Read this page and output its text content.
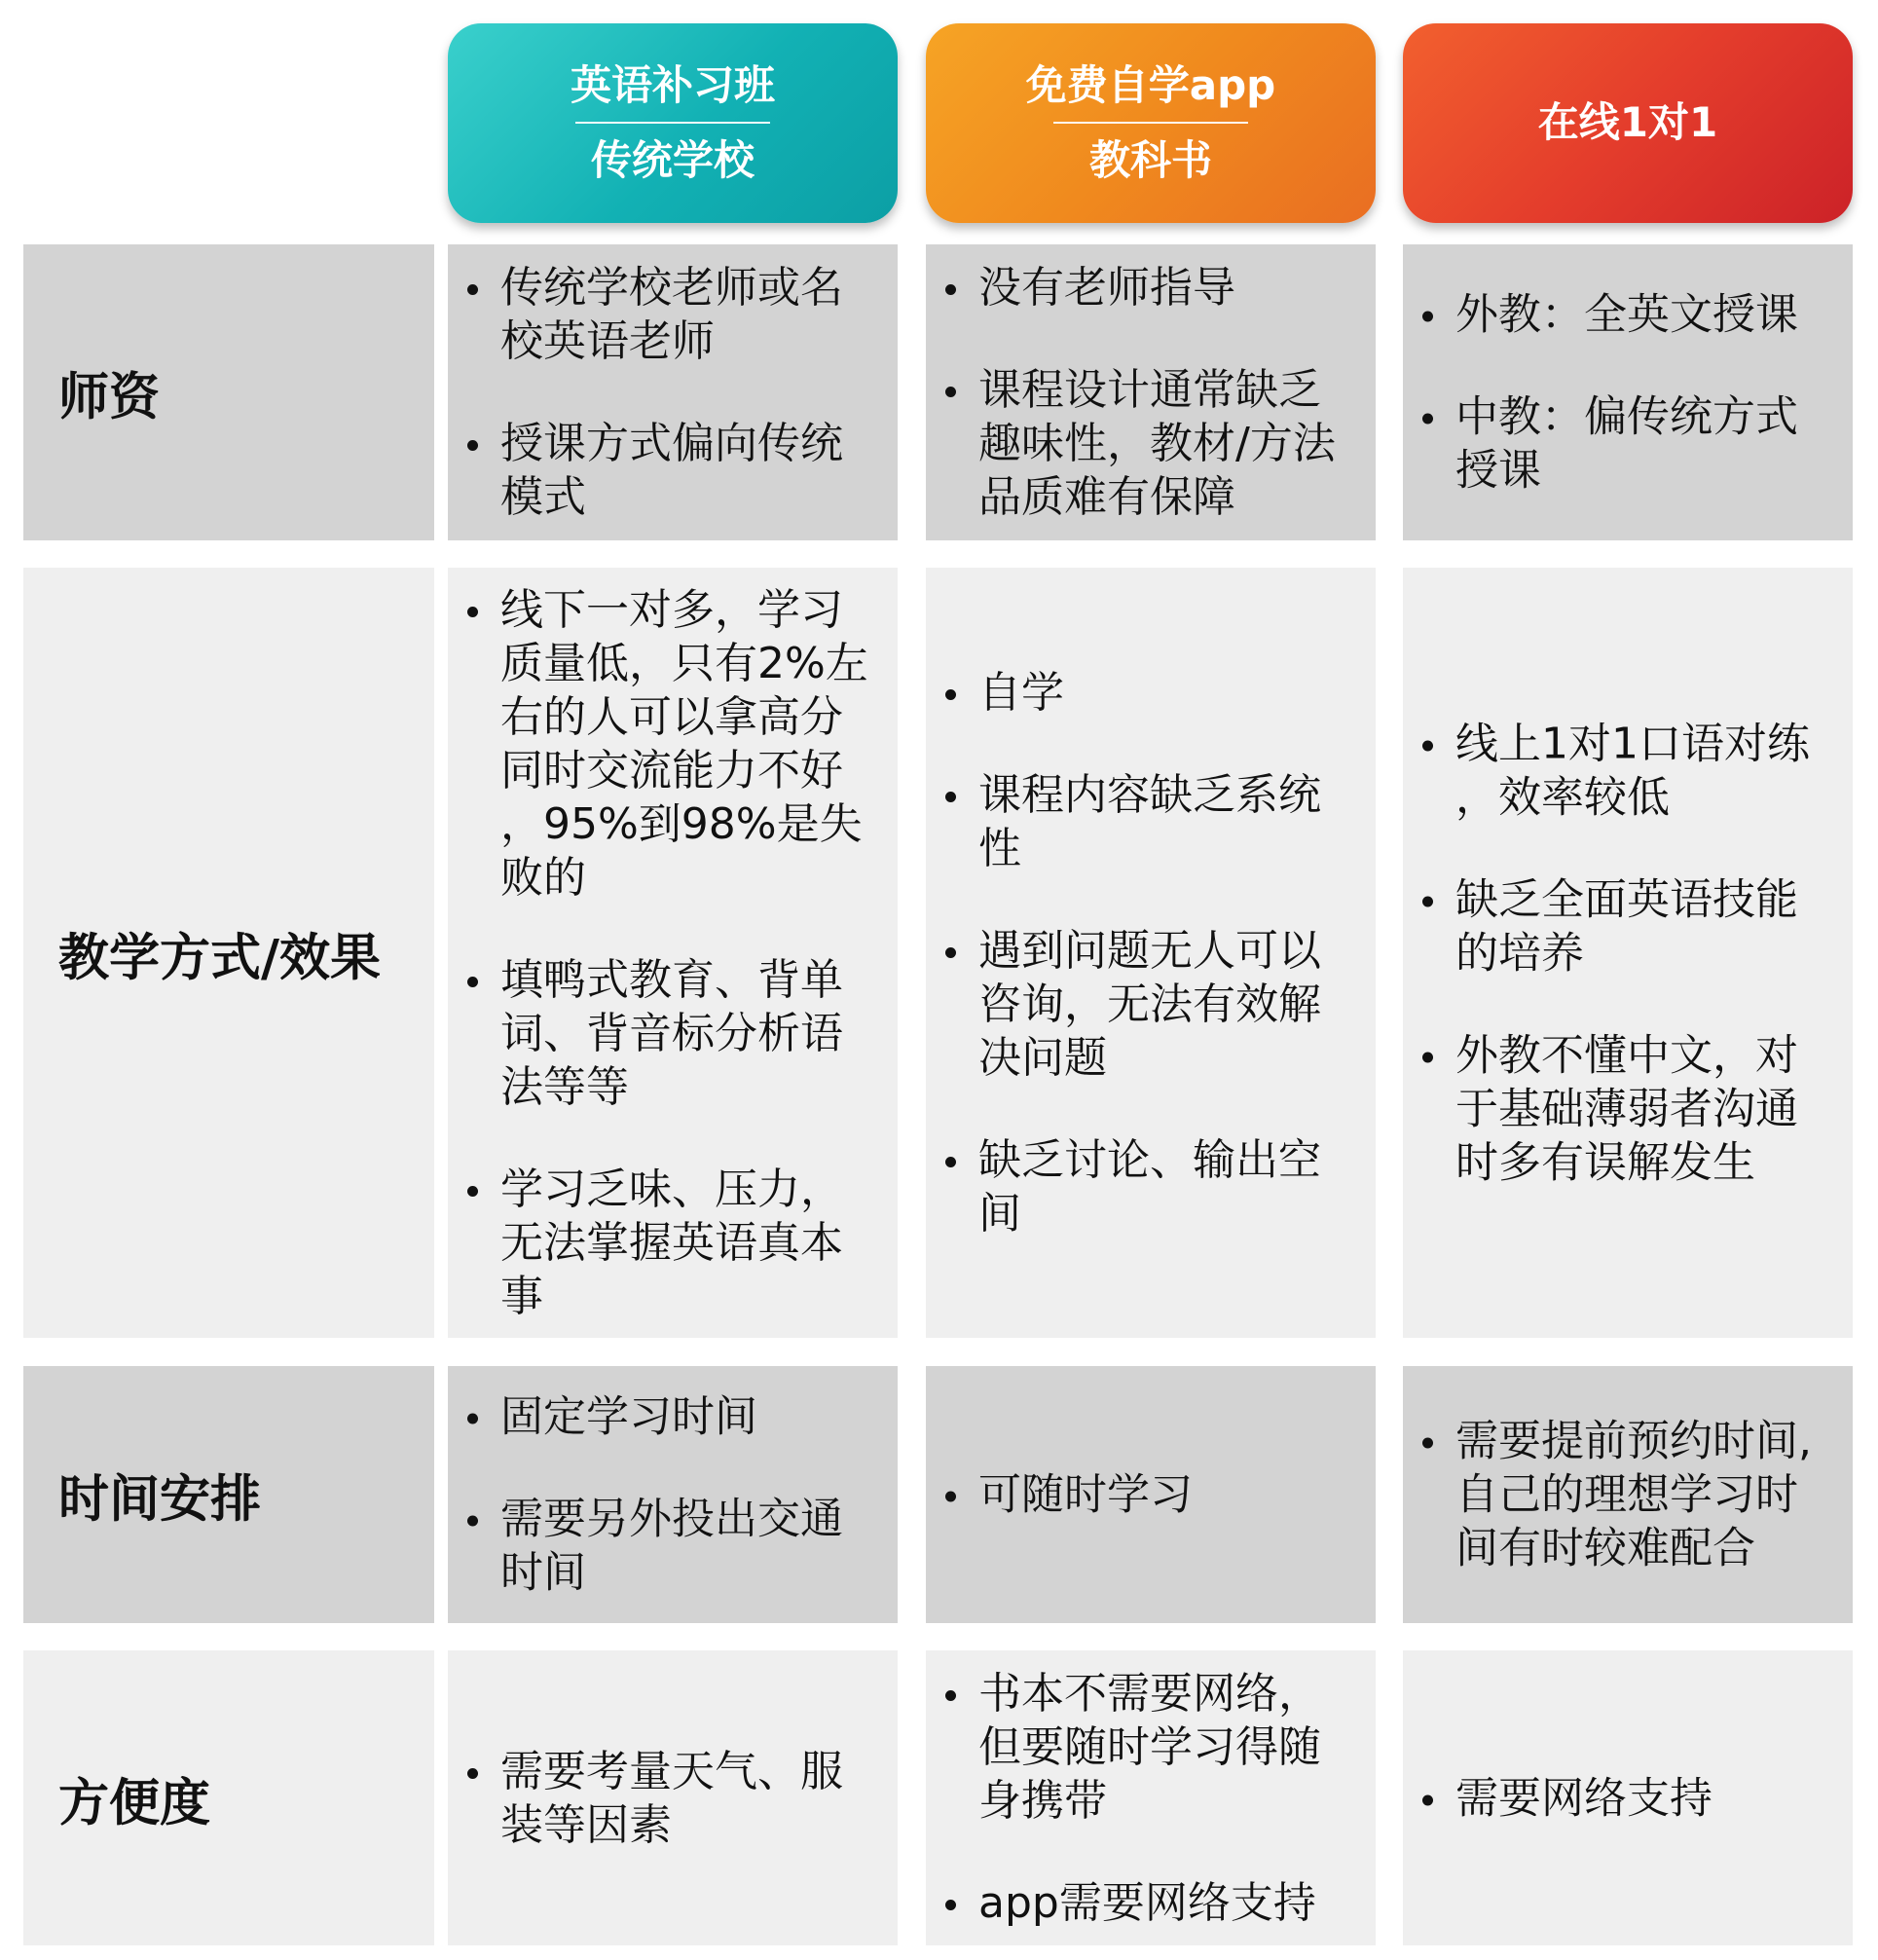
英语补习班
传统学校
免费自学app
教科书
在线1对1
师资
传统学校老师或名
校英语老师
授课方式偏向传统
模式
没有老师指导
课程设计通常缺乏
趣味性，教材/方法
品质难有保障
外教：全英文授课
中教：偏传统方式
授课
教学方式/效果
线下一对多，学习
质量低，只有2%左
右的人可以拿高分
同时交流能力不好
，95%到98%是失
败的
填鸭式教育、背单
词、背音标分析语
法等等
学习乏味、压力，
无法掌握英语真本
事
自学
课程内容缺乏系统
性
遇到问题无人可以
咨询，无法有效解
决问题
缺乏讨论、输出空
间
线上1对1口语对练
，效率较低
缺乏全面英语技能
的培养
外教不懂中文，对
于基础薄弱者沟通
时多有误解发生
时间安排
固定学习时间
需要另外投出交通
时间
可随时学习
需要提前预约时间,
自己的理想学习时
间有时较难配合
方便度
需要考量天气、服
装等因素
书本不需要网络，
但要随时学习得随
身携带
app需要网络支持
需要网络支持
